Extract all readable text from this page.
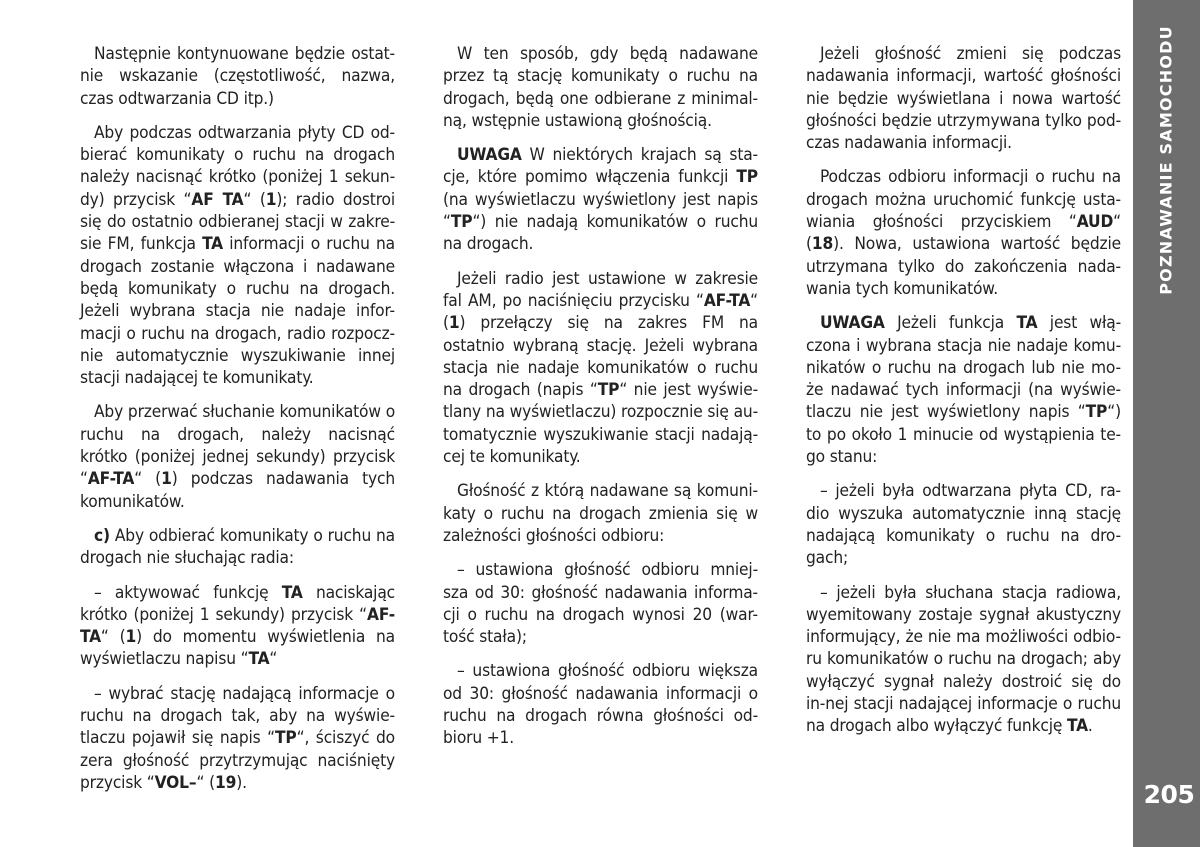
Następnie kontynuowane będzie ostat-nie wskazanie (częstotliwość, nazwa, czas odtwarzania CD itp.)

Aby podczas odtwarzania płyty CD od-bierać komunikaty o ruchu na drogach należy nacisnąć krótko (poniżej 1 sekun-dy) przycisk “AF TA“ (1); radio dostroi się do ostatnio odbieranej stacji w zakre-sie FM, funkcja TA informacji o ruchu na drogach zostanie włączona i nadawane będą komunikaty o ruchu na drogach. Jeżeli wybrana stacja nie nadaje infor-macji o ruchu na drogach, radio rozpocz-nie automatycznie wyszukiwanie innej stacji nadającej te komunikaty.

Aby przerwać słuchanie komunikatów o ruchu na drogach, należy nacisnąć krótko (poniżej jednej sekundy) przycisk “AF-TA“ (1) podczas nadawania tych komunikatów.

c) Aby odbierać komunikaty o ruchu na drogach nie słuchając radia:

– aktywować funkcję TA naciskając krótko (poniżej 1 sekundy) przycisk “AF-TA“ (1) do momentu wyświetlenia na wyświetlaczu napisu “TA“

– wybrać stację nadającą informacje o ruchu na drogach tak, aby na wyświe-tlaczu pojawił się napis “TP“, ściszyć do zera głośność przytrzymując naciśnięty przycisk “VOL–“ (19).

W ten sposób, gdy będą nadawane przez tą stację komunikaty o ruchu na drogach, będą one odbierane z minimal-ną, wstępnie ustawioną głośnością.

UWAGA W niektórych krajach są sta-cje, które pomimo włączenia funkcji TP (na wyświetlaczu wyświetlony jest napis “TP“) nie nadają komunikatów o ruchu na drogach.

Jeżeli radio jest ustawione w zakresie fal AM, po naciśnięciu przycisku “AF-TA“ (1) przełączy się na zakres FM na ostatnio wybraną stację. Jeżeli wybrana stacja nie nadaje komunikatów o ruchu na drogach (napis “TP“ nie jest wyświe-tlany na wyświetlaczu) rozpocznie się au-tomatycznie wyszukiwanie stacji nadają-cej te komunikaty.

Głośność z którą nadawane są komuni-katy o ruchu na drogach zmienia się w zależności głośności odbioru:

– ustawiona głośność odbioru mniej-sza od 30: głośność nadawania informa-cji o ruchu na drogach wynosi 20 (war-tość stała);

– ustawiona głośność odbioru większa od 30: głośność nadawania informacji o ruchu na drogach równa głośności od-bioru +1.

Jeżeli głośność zmieni się podczas nadawania informacji, wartość głośności nie będzie wyświetlana i nowa wartość głośności będzie utrzymywana tylko pod-czas nadawania informacji.

Podczas odbioru informacji o ruchu na drogach można uruchomić funkcję usta-wiania głośności przyciskiem “AUD“ (18). Nowa, ustawiona wartość będzie utrzymana tylko do zakończenia nada-wania tych komunikatów.

UWAGA Jeżeli funkcja TA jest włą-czona i wybrana stacja nie nadaje komu-nikatów o ruchu na drogach lub nie mo-że nadawać tych informacji (na wyświe-tlaczu nie jest wyświetlony napis “TP“) to po około 1 minucie od wystąpienia te-go stanu:

– jeżeli była odtwarzana płyta CD, ra-dio wyszuka automatycznie inną stację nadającą komunikaty o ruchu na dro-gach;

– jeżeli była słuchana stacja radiowa, wyemitowany zostaje sygnał akustyczny informujący, że nie ma możliwości odbio-ru komunikatów o ruchu na drogach; aby wyłączyć sygnał należy dostroić się do in-nej stacji nadającej informacje o ruchu na drogach albo wyłączyć funkcję TA.

POZNAWANIE SAMOCHODU
205
